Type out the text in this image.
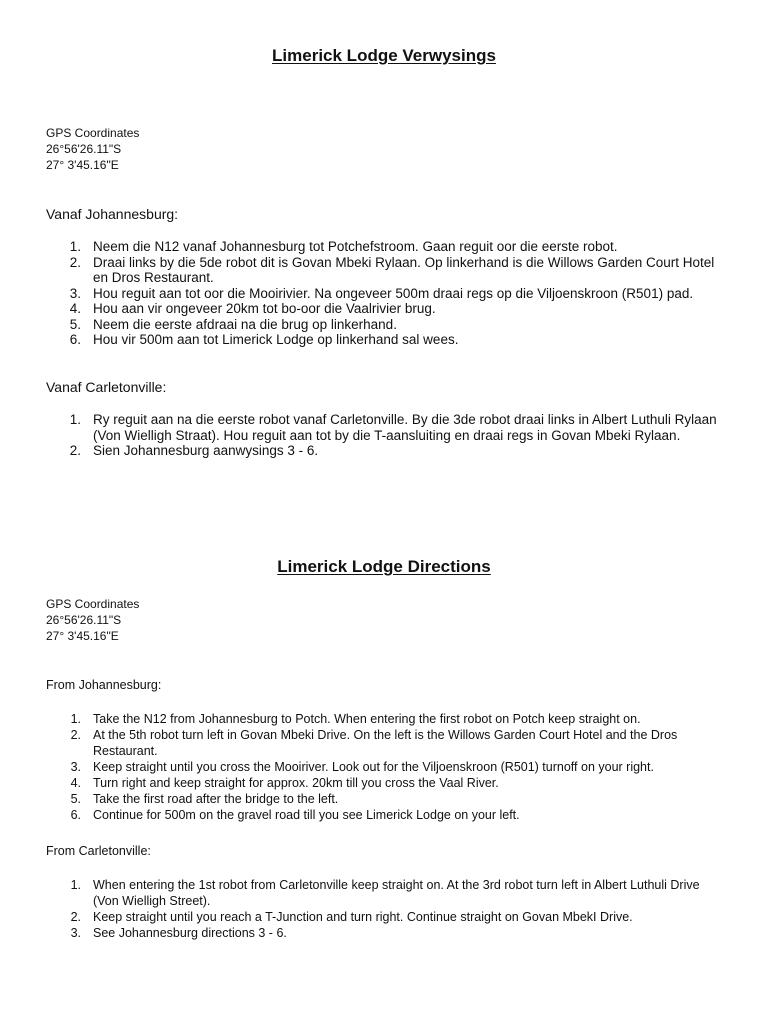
Limerick Lodge Verwysings
GPS Coordinates
26°56'26.11"S
27° 3'45.16"E
Vanaf Johannesburg:
1. Neem die N12 vanaf Johannesburg tot Potchefstroom. Gaan reguit oor die eerste robot.
2. Draai links by die 5de robot dit is Govan Mbeki Rylaan. Op linkerhand is die Willows Garden Court Hotel en Dros Restaurant.
3. Hou reguit aan tot oor die Mooirivier. Na ongeveer 500m draai regs op die Viljoenskroon (R501) pad.
4. Hou aan vir ongeveer 20km tot bo-oor die Vaalrivier brug.
5. Neem die eerste afdraai na die brug op linkerhand.
6. Hou vir 500m aan tot Limerick Lodge op linkerhand sal wees.
Vanaf Carletonville:
1. Ry reguit aan na die eerste robot vanaf Carletonville. By die 3de robot draai links in Albert Luthuli Rylaan (Von Wielligh Straat). Hou reguit aan tot by die T-aansluiting en draai regs in Govan Mbeki Rylaan.
2. Sien Johannesburg aanwysings 3 - 6.
Limerick Lodge Directions
GPS Coordinates
26°56'26.11"S
27° 3'45.16"E
From Johannesburg:
1. Take the N12 from Johannesburg to Potch. When entering the first robot on Potch keep straight on.
2. At the 5th robot turn left in Govan Mbeki Drive. On the left is the Willows Garden Court Hotel and the Dros Restaurant.
3. Keep straight until you cross the Mooiriver. Look out for the Viljoenskroon (R501) turnoff on your right.
4. Turn right and keep straight for approx. 20km till you cross the Vaal River.
5. Take the first road after the bridge to the left.
6. Continue for 500m on the gravel road till you see Limerick Lodge on your left.
From Carletonville:
1. When entering the 1st robot from Carletonville keep straight on. At the 3rd robot turn left in Albert Luthuli Drive (Von Wielligh Street).
2. Keep straight until you reach a T-Junction and turn right. Continue straight on Govan MbekI Drive.
3. See Johannesburg directions 3 - 6.
